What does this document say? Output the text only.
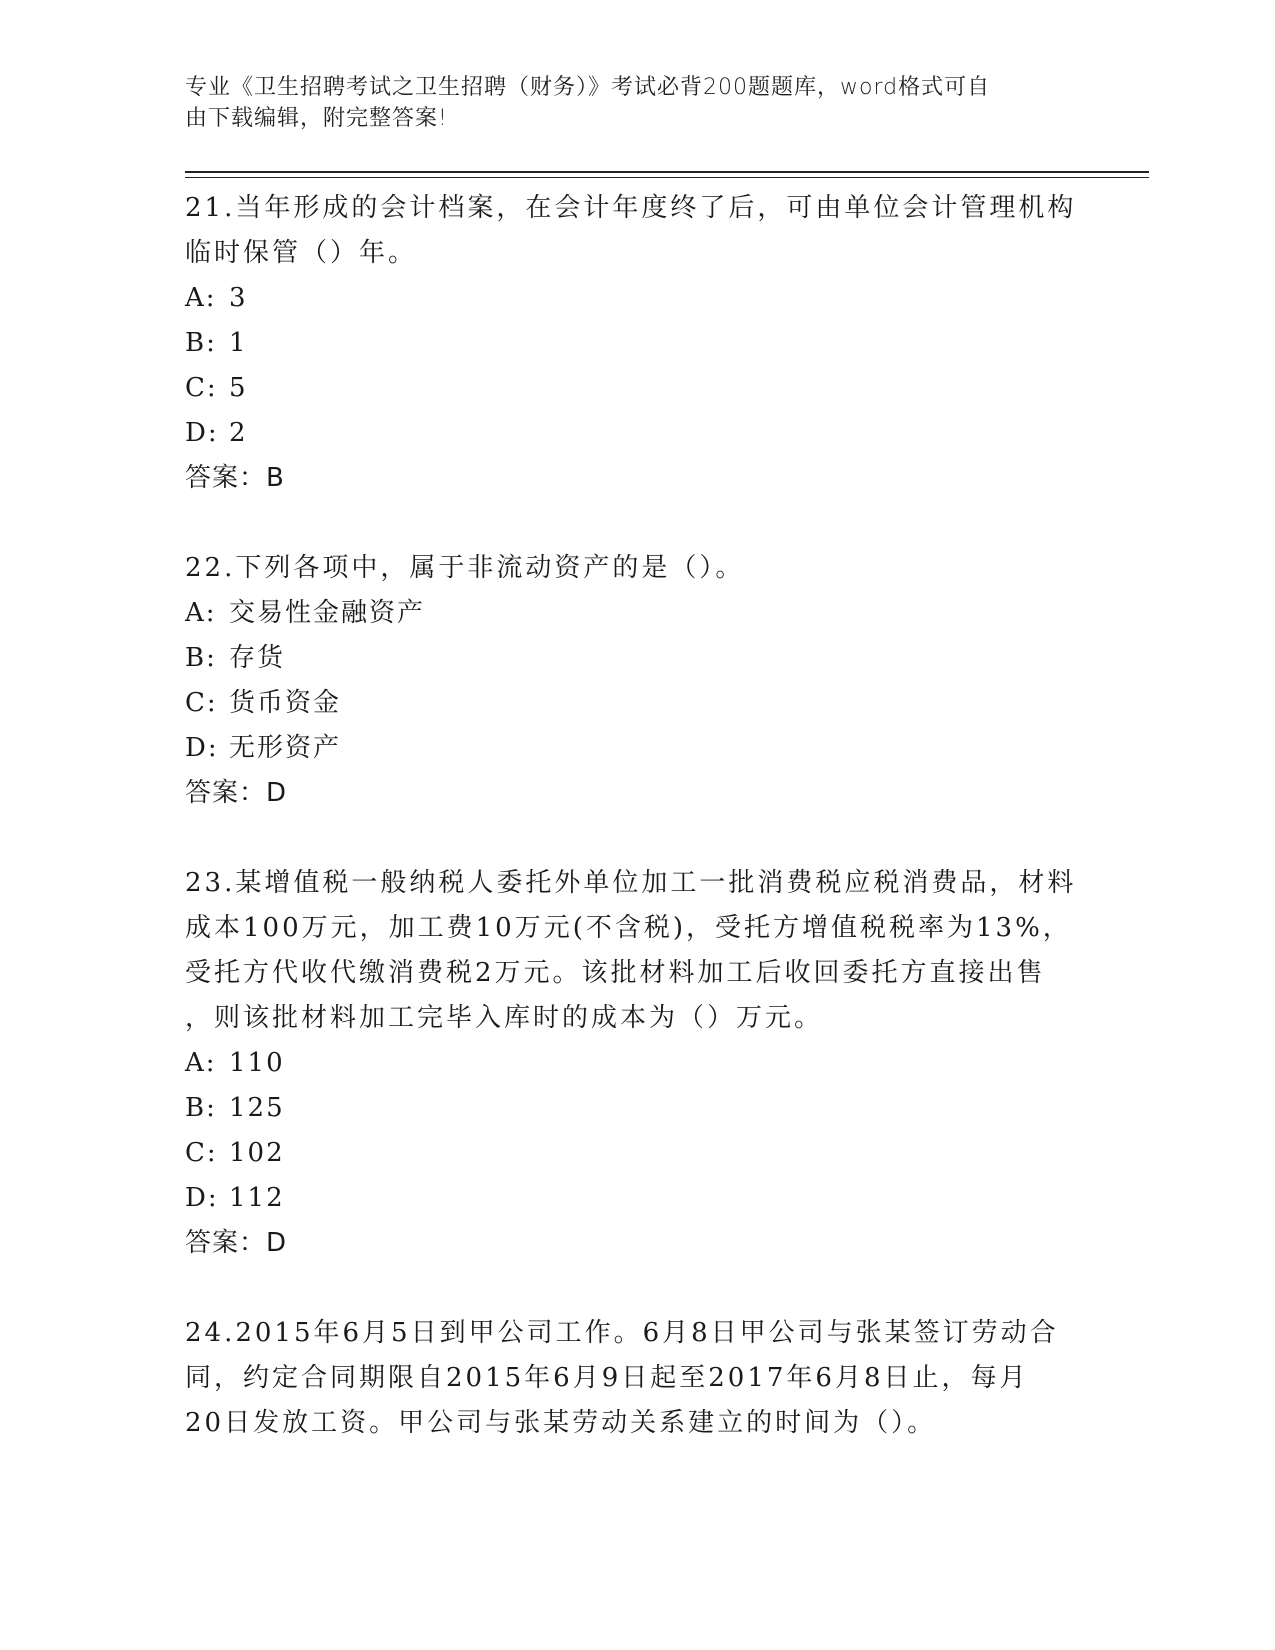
专业《卫生招聘考试之卫生招聘（财务）》考试必背200题题库，word格式可自
由下载编辑，附完整答案!

21.当年形成的会计档案，在会计年度终了后，可由单位会计管理机构
临时保管（）年。

A: 3

B: 1

C: 5

D: 2

答案：B

22.下列各项中，属于非流动资产的是（）。

A: 交易性金融资产

B: 存货

C: 货币资金

D: 无形资产

答案：D

23.某增值税一般纳税人委托外单位加工一批消费税应税消费品，材料
成本100万元，加工费10万元(不含税)，受托方增值税税率为13%，
受托方代收代缴消费税2万元。该批材料加工后收回委托方直接出售
，则该批材料加工完毕入库时的成本为（）万元。

A: 110

B: 125

C: 102

D: 112

答案：D

24.2015年6月5日到甲公司工作。6月8日甲公司与张某签订劳动合
同，约定合同期限自2015年6月9日起至2017年6月8日止，每月
20日发放工资。甲公司与张某劳动关系建立的时间为（）。
